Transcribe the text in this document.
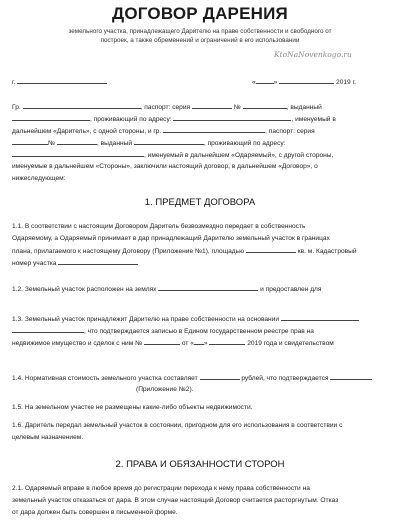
ДОГОВОР ДАРЕНИЯ
земельного участка, принадлежащего Дарителю на праве собственности и свободного от
построек, а также обременений и ограничений в его использовании
KtoNaNovenkogo.ru
г.	«	»	2019 г.
Гр.	, паспорт: серия	№	, выданный
, проживающий по адресу:	, именуемый в
дальнейшем «Даритель», с одной стороны, и гр.	, паспорт: серия
№	, выданный	, проживающий по адресу:
, именуемый в дальнейшем «Одаряемый», с другой стороны,
именуемые в дальнейшем «Стороны», заключили настоящий договор, в дальнейшем «Договор», о
нижеследующем:
1. ПРЕДМЕТ ДОГОВОРА
1.1. В соответствии с настоящим Договором Даритель безвозмездно передает в собственность
Одаряемому, а Одаряемый принимает в дар принадлежащий Дарителю земельный участок в границах
плана, прилагаемого к настоящему Договору (Приложение №1), площадью	кв. м. Кадастровый
номер участка
1.2. Земельный участок расположен на землях	и предоставлен для
1.3. Земельный участок принадлежит Дарителю на праве собственности на основании
, что подтверждается записью в Едином государственном реестре прав на
недвижимое имущество и сделок с ним №	от « »	2019 года и свидетельством
1.4. Нормативная стоимость земельного участка составляет	рублей, что подтверждается
(Приложение №2).
1.5. На земельном участке не размещены какие-либо объекты недвижимости.
1.6. Даритель передал земельный участок в состоянии, пригодном для его использования в соответствии с
целевым назначением.
2. ПРАВА И ОБЯЗАННОСТИ СТОРОН
2.1. Одаряемый вправе в любое время до регистрации перехода к нему права собственности на
земельный участок отказаться от дара. В этом случае настоящий Договор считается расторгнутым. Отказ
от дара должен быть совершен в письменной форме.
